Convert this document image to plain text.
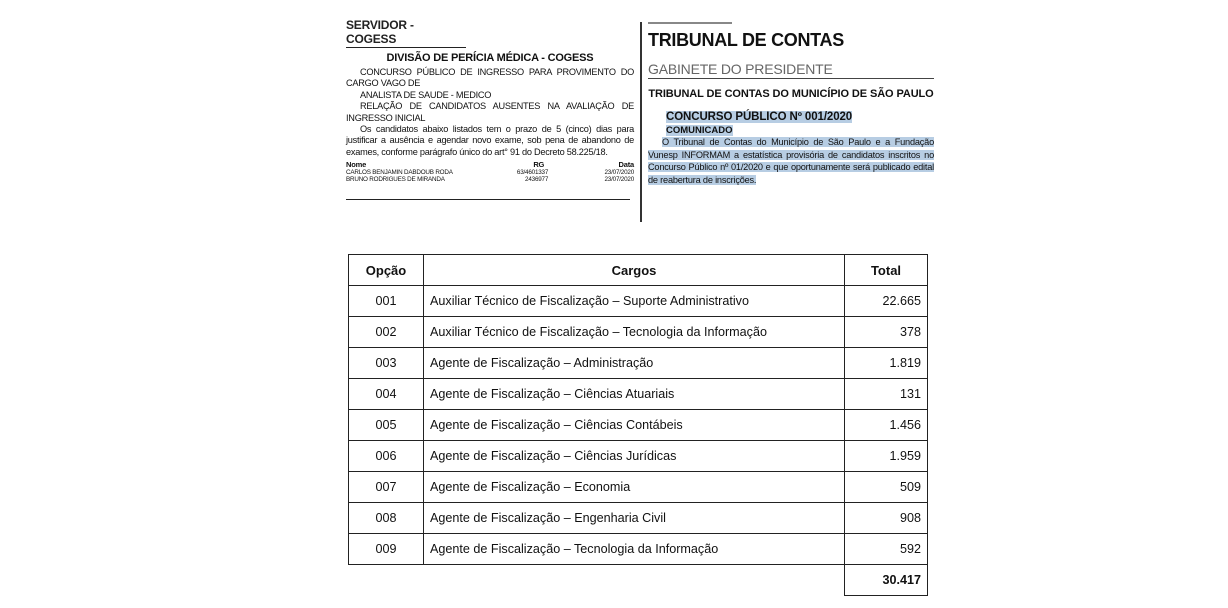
SERVIDOR - COGESS
DIVISÃO DE PERÍCIA MÉDICA - COGESS

CONCURSO PÚBLICO DE INGRESSO PARA PROVIMENTO DO CARGO VAGO DE

ANALISTA DE SAUDE - MEDICO

RELAÇÃO DE CANDIDATOS AUSENTES NA AVALIAÇÃO DE INGRESSO INICIAL

Os candidatos abaixo listados tem o prazo de 5 (cinco) dias para justificar a ausência e agendar novo exame, sob pena de abandono de exames, conforme parágrafo único do art° 91 do Decreto 58.225/18.

Nome	RG	Data
CARLOS BENJAMIN DABDOUB RODA	63/4601337	23/07/2020
BRUNO RODRIGUES DE MIRANDA	2436977	23/07/2020
TRIBUNAL DE CONTAS
GABINETE DO PRESIDENTE
TRIBUNAL DE CONTAS DO MUNICÍPIO DE SÃO PAULO
CONCURSO PÚBLICO Nº 001/2020
COMUNICADO

O Tribunal de Contas do Município de São Paulo e a Fundação Vunesp INFORMAM a estatística provisória de candidatos inscritos no Concurso Público nº 01/2020 e que oportunamente será publicado edital de reabertura de inscrições.

Opção	Cargos	Total
001	Auxiliar Técnico de Fiscalização – Suporte Administrativo	22.665
002	Auxiliar Técnico de Fiscalização – Tecnologia da Informação	378
003	Agente de Fiscalização – Administração	1.819
004	Agente de Fiscalização – Ciências Atuariais	131
005	Agente de Fiscalização – Ciências Contábeis	1.456
006	Agente de Fiscalização – Ciências Jurídicas	1.959
007	Agente de Fiscalização – Economia	509
008	Agente de Fiscalização – Engenharia Civil	908
009	Agente de Fiscalização – Tecnologia da Informação	592
		30.417
